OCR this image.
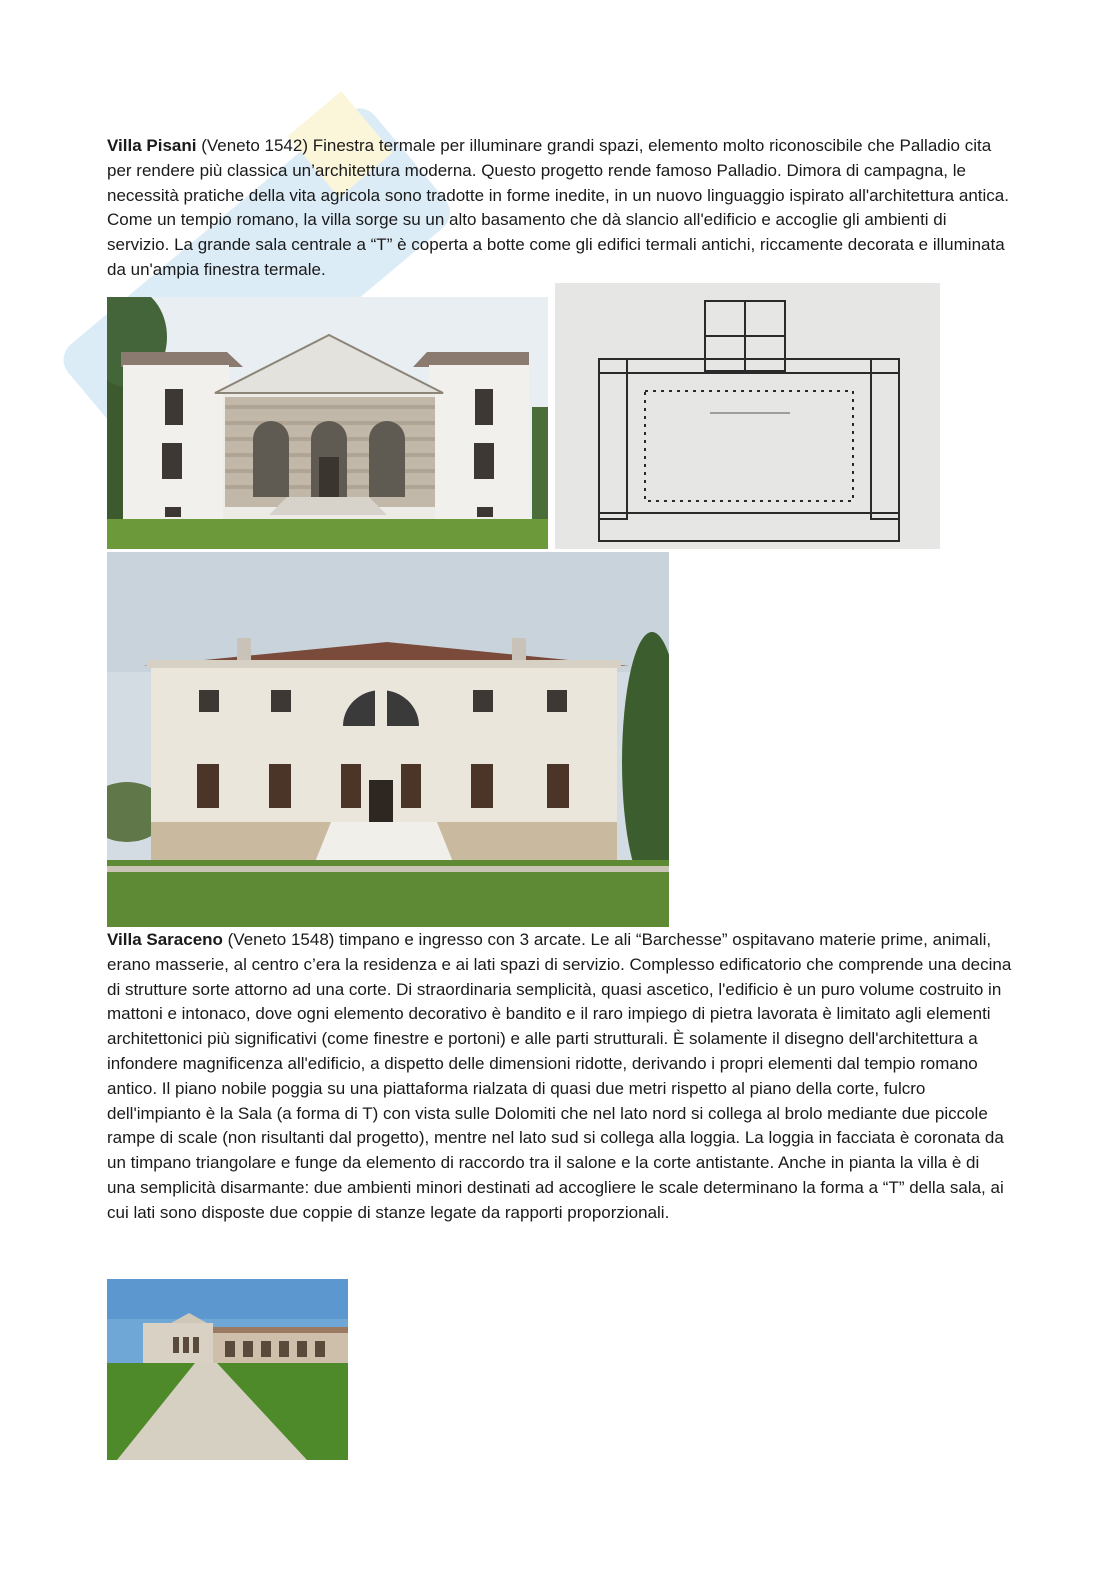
Villa Pisani (Veneto 1542) Finestra termale per illuminare grandi spazi, elemento molto riconoscibile che Palladio cita per rendere più classica un’architettura moderna. Questo progetto rende famoso Palladio. Dimora di campagna, le necessità pratiche della vita agricola sono tradotte in forme inedite, in un nuovo linguaggio ispirato all'architettura antica. Come un tempio romano, la villa sorge su un alto basamento che dà slancio all'edificio e accoglie gli ambienti di servizio. La grande sala centrale a “T” è coperta a botte come gli edifici termali antichi, riccamente decorata e illuminata da un'ampia finestra termale.

Villa Saraceno (Veneto 1548) timpano e ingresso con 3 arcate. Le ali “Barchesse” ospitavano materie prime, animali, erano masserie, al centro c’era la residenza e ai lati spazi di servizio. Complesso edificatorio che comprende una decina di strutture sorte attorno ad una corte. Di straordinaria semplicità, quasi ascetico, l'edificio è un puro volume costruito in mattoni e intonaco, dove ogni elemento decorativo è bandito e il raro impiego di pietra lavorata è limitato agli elementi architettonici più significativi (come finestre e portoni) e alle parti strutturali. È solamente il disegno dell'architettura a infondere magnificenza all'edificio, a dispetto delle dimensioni ridotte, derivando i propri elementi dal tempio romano antico. Il piano nobile poggia su una piattaforma rialzata di quasi due metri rispetto al piano della corte, fulcro dell'impianto è la Sala (a forma di T) con vista sulle Dolomiti che nel lato nord si collega al brolo mediante due piccole rampe di scale (non risultanti dal progetto), mentre nel lato sud si collega alla loggia. La loggia in facciata è coronata da un timpano triangolare e funge da elemento di raccordo tra il salone e la corte antistante. Anche in pianta la villa è di una semplicità disarmante: due ambienti minori destinati ad accogliere le scale determinano la forma a “T” della sala, ai cui lati sono disposte due coppie di stanze legate da rapporti proporzionali.
